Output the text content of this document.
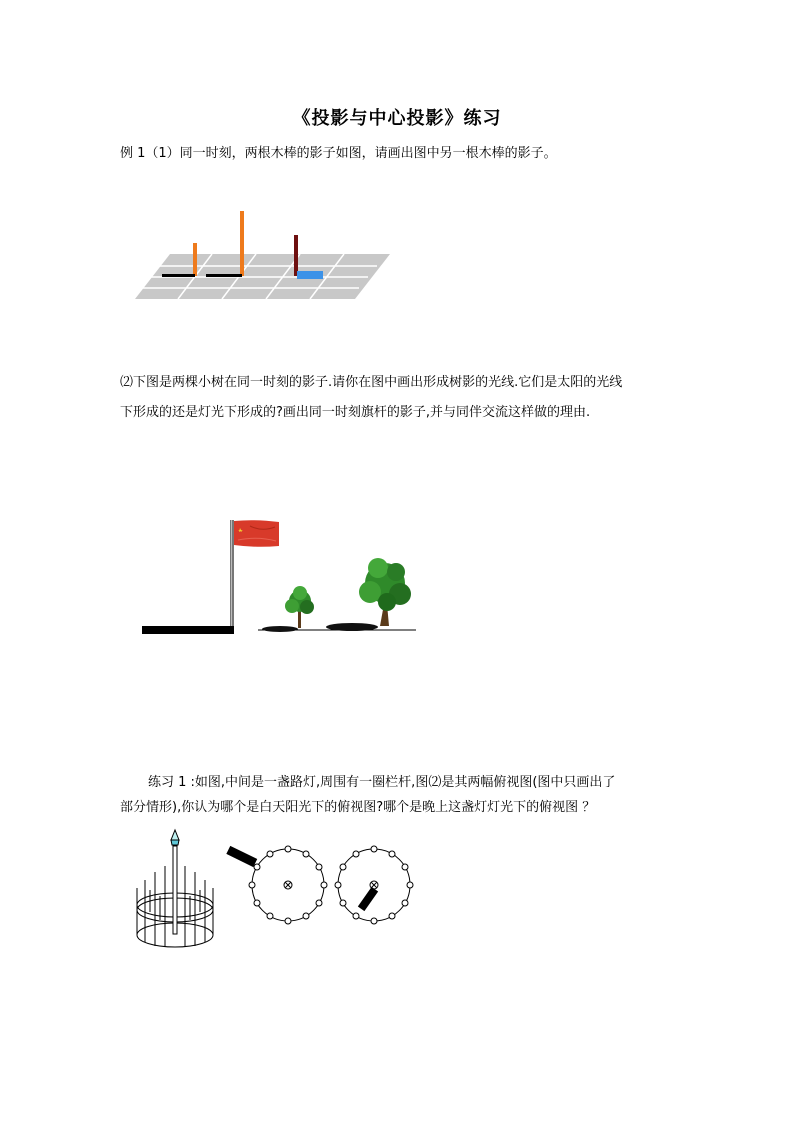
《投影与中心投影》练习
例 1（1）同一时刻，两根木棒的影子如图，请画出图中另一根木棒的影子。
⑵下图是两棵小树在同一时刻的影子.请你在图中画出形成树影的光线.它们是太阳的光线
下形成的还是灯光下形成的?画出同一时刻旗杆的影子,并与同伴交流这样做的理由.
练习 1 :如图,中间是一盏路灯,周围有一圈栏杆,图⑵是其两幅俯视图(图中只画出了
部分情形),你认为哪个是白天阳光下的俯视图?哪个是晚上这盏灯灯光下的俯视图 ？
